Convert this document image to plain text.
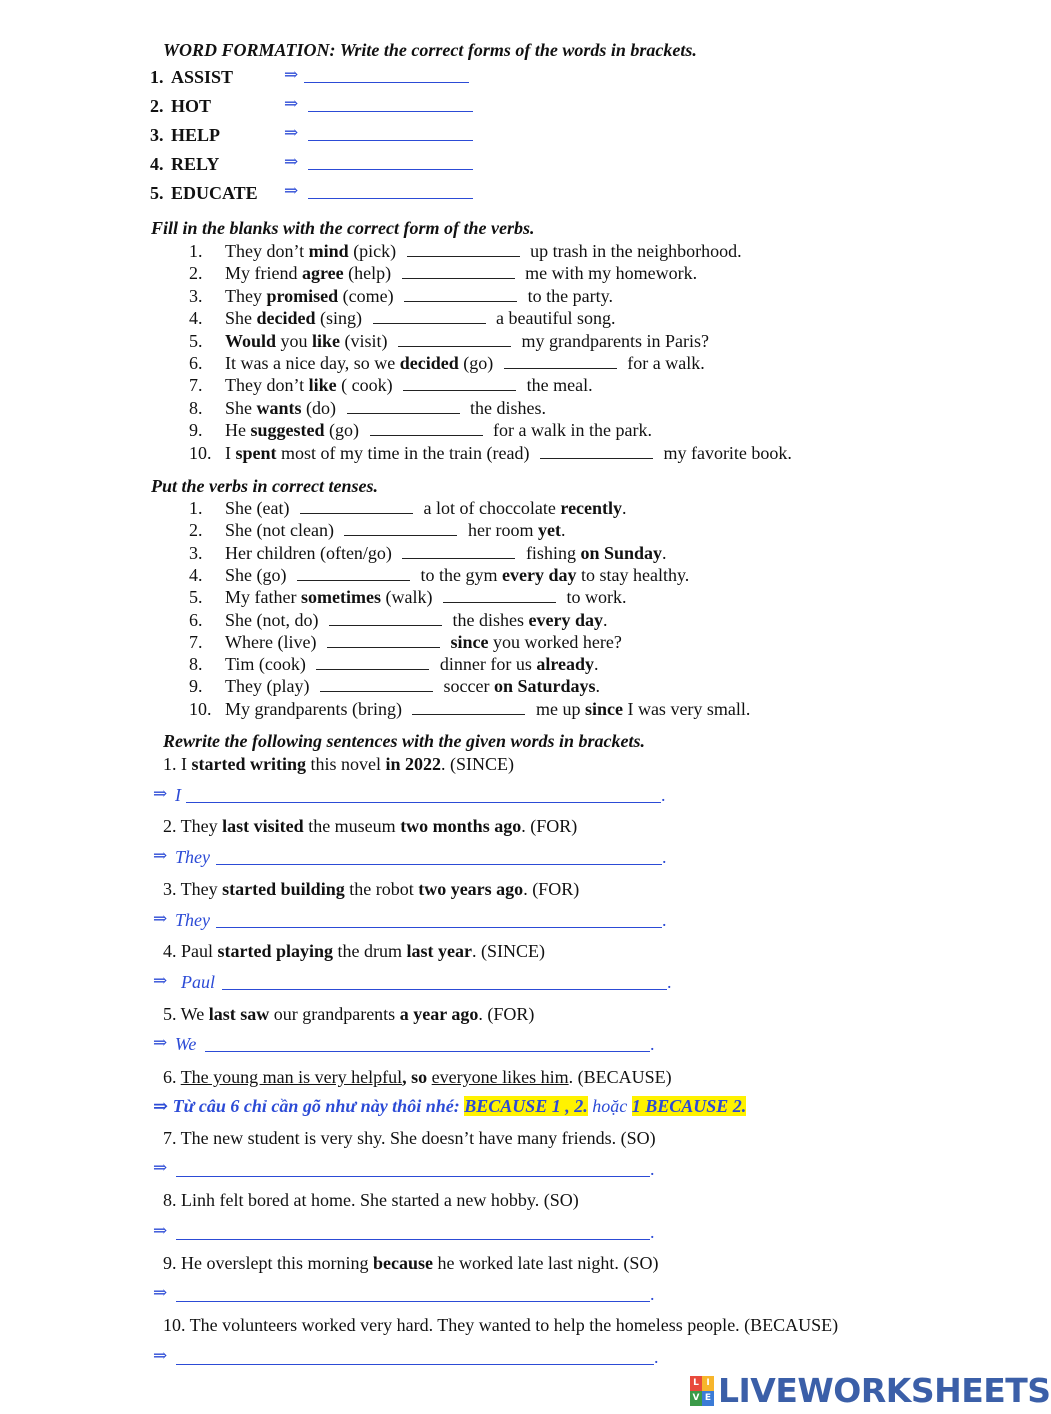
WORD FORMATION: Write the correct forms of the words in brackets.
1. ASSIST	⇒
2. HOT	⇒
3. HELP	⇒
4. RELY	⇒
5. EDUCATE ⇒
Fill in the blanks with the correct form of the verbs.
1. They don’t mind (pick)	up trash in the neighborhood.
2. My friend agree (help)	me with my homework.
3. They promised (come)	to the party.
4. She decided (sing)	a beautiful song.
5. Would you like (visit)	my grandparents in Paris?
6. It was a nice day, so we decided (go)	for a walk.
7. They don’t like ( cook)	the meal.
8. She wants (do)	the dishes.
9. He suggested (go)	for a walk in the park.
10. I spent most of my time in the train (read)	my favorite book.
Put the verbs in correct tenses.
1. She (eat)	a lot of choccolate recently.
2. She (not clean)	her room yet.
3. Her children (often/go)	fishing on Sunday.
4. She (go)	to the gym every day to stay healthy.
5. My father sometimes (walk)	to work.
6. She (not, do)	the dishes every day.
7. Where (live)	since you worked here?
8. Tim (cook)	dinner for us already.
9. They (play)	soccer on Saturdays.
10. My grandparents (bring)	me up since I was very small.
Rewrite the following sentences with the given words in brackets.
1. I started writing this novel in 2022. (SINCE)
⇒ I	.
2. They last visited the museum two months ago. (FOR)
⇒ They	.
3. They started building the robot two years ago. (FOR)
⇒ They	.
4. Paul started playing the drum last year. (SINCE)
⇒ Paul	.
5. We last saw our grandparents a year ago. (FOR)
⇒ We	.
6. The young man is very helpful, so everyone likes him. (BECAUSE)
7. The new student is very shy. She doesn’t have many friends. (SO)
⇒	.
8. Linh felt bored at home. She started a new hobby. (SO)
⇒	.
9. He overslept this morning because he worked late last night. (SO)
⇒	.
10. The volunteers worked very hard. They wanted to help the homeless people. (BECAUSE)
⇒	.
⇒ Từ câu 6 chỉ cần gõ như này thôi nhé: BECAUSE 1 , 2. hoặc 1 BECAUSE 2.
L I
V E LIVEWORKSHEETS
